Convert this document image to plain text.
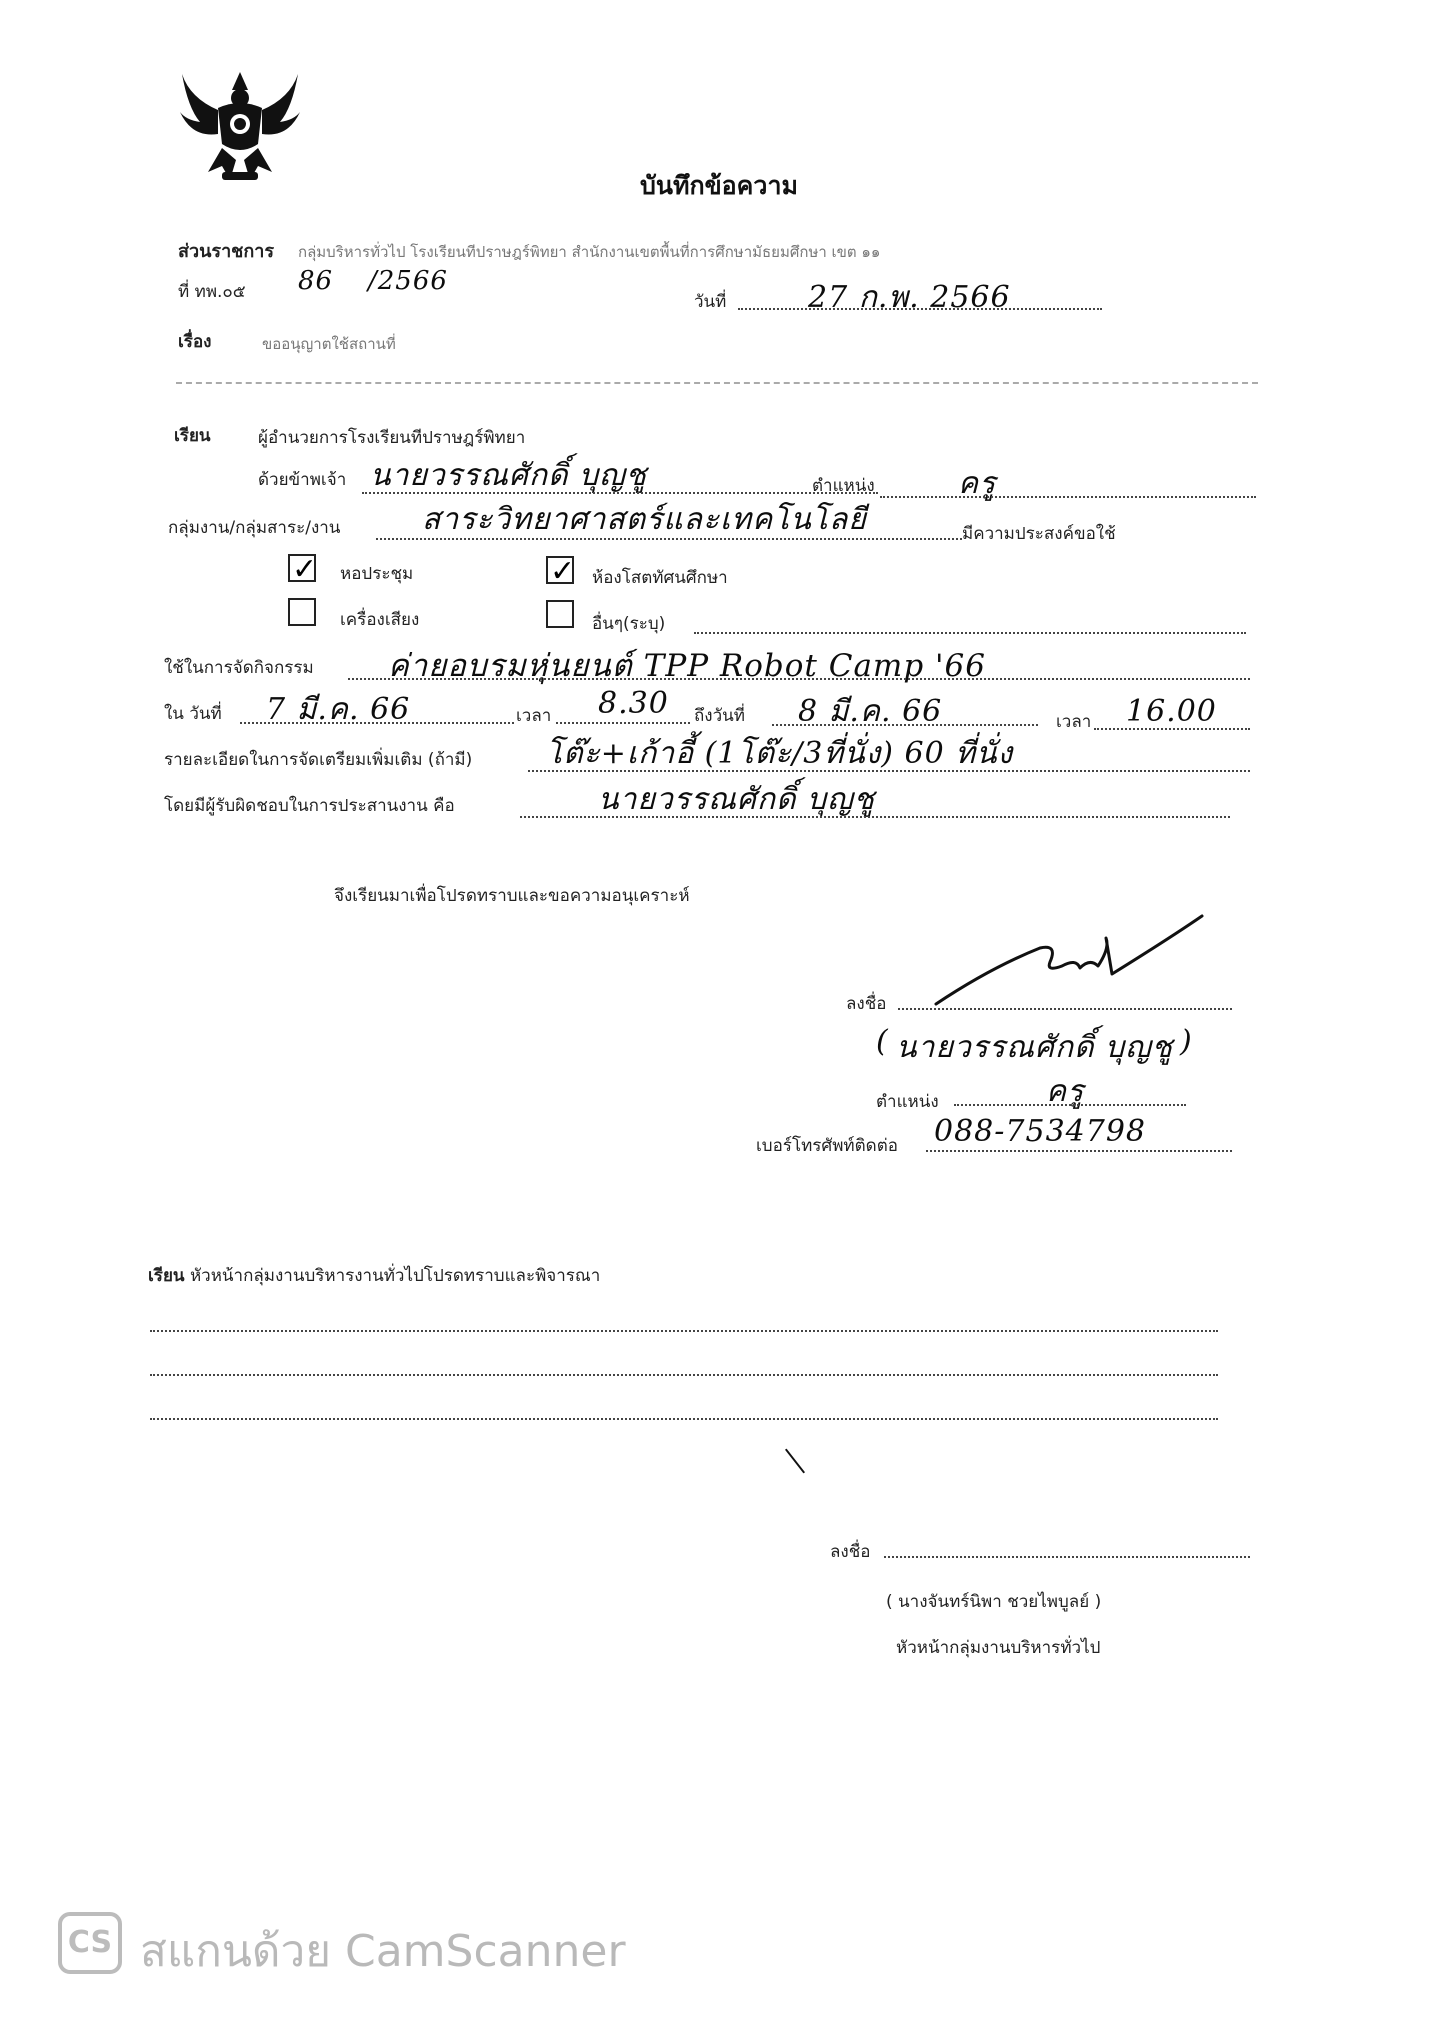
บันทึกข้อความ
ส่วนราชการ กลุ่มบริหารทั่วไป โรงเรียนทีปราษฎร์พิทยา สำนักงานเขตพื้นที่การศึกษามัธยมศึกษา เขต ๑๑
ที่ ทพ.๐๕ 86 /2566
วันที่	27 ก.พ. 2566
เรื่อง	ขออนุญาตใช้สถานที่
เรียน	ผู้อำนวยการโรงเรียนทีปราษฎร์พิทยา
ด้วยข้าพเจ้า นายวรรณศักดิ์ บุญชู	ตำแหน่ง	ครู
กลุ่มงาน/กลุ่มสาระ/งาน	สาระวิทยาศาสตร์และเทคโนโลยี	มีความประสงค์ขอใช้
✓ หอประชุม	✓ ห้องโสตทัศนศึกษา
เครื่องเสียง	อื่นๆ(ระบุ)
ใช้ในการจัดกิจกรรม ค่ายอบรมหุ่นยนต์ TPP Robot Camp '66
ใน วันที่ 7 มี.ค. 66	เวลา 8.30 ถึงวันที่ 8 มี.ค. 66	เวลา 16.00
รายละเอียดในการจัดเตรียมเพิ่มเติม (ถ้ามี) โต๊ะ+เก้าอี้ (1โต๊ะ/3ที่นั่ง) 60 ที่นั่ง
โดยมีผู้รับผิดชอบในการประสานงาน คือ	นายวรรณศักดิ์ บุญชู
จึงเรียนมาเพื่อโปรดทราบและขอความอนุเคราะห์
ลงชื่อ
( นายวรรณศักดิ์ บุญชู )
ตำแหน่ง	ครู
เบอร์โทรศัพท์ติดต่อ 088-7534798
เรียน หัวหน้ากลุ่มงานบริหารงานทั่วไปโปรดทราบและพิจารณา
ลงชื่อ
( นางจันทร์นิพา ชวยไพบูลย์ )
หัวหน้ากลุ่มงานบริหารทั่วไป
CS สแกนด้วย CamScanner
